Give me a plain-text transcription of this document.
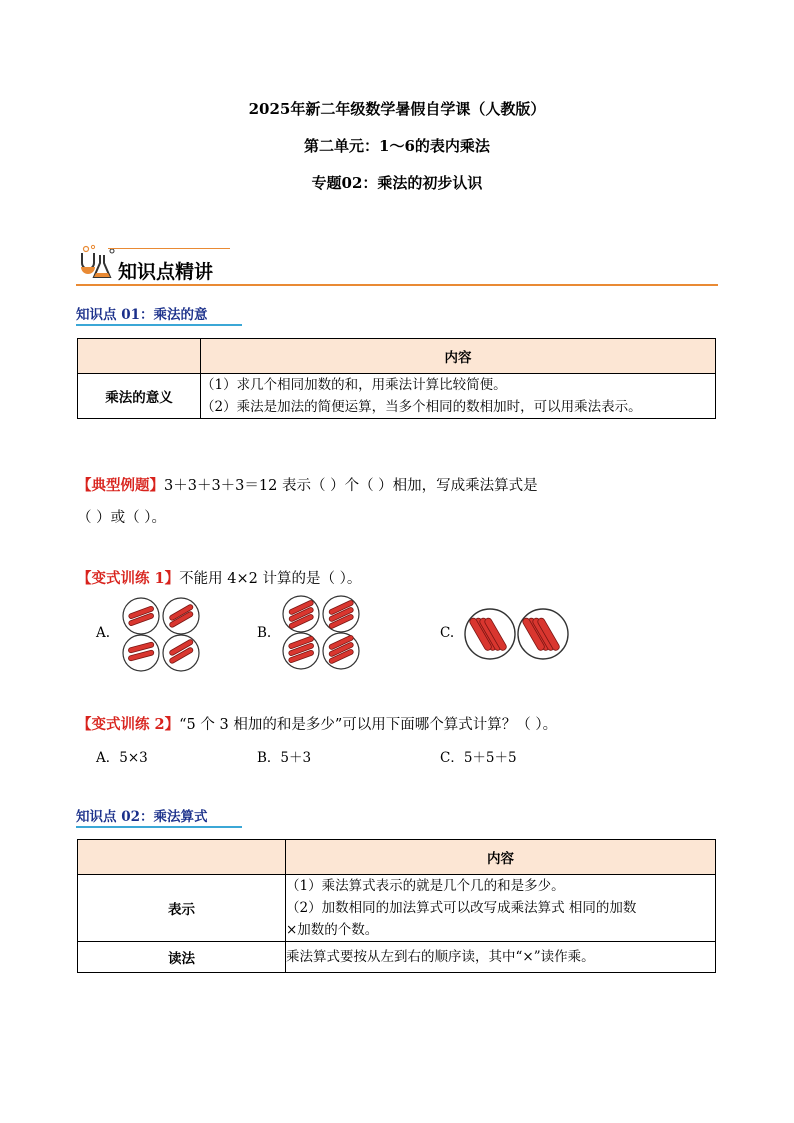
2025年新二年级数学暑假自学课（人教版）
第二单元：1～6的表内乘法
专题02：乘法的初步认识
知识点精讲
知识点 01：乘法的意
	内容
乘法的意义	（1）求几个相同加数的和，用乘法计算比较简便。
（2）乘法是加法的简便运算，当多个相同的数相加时，可以用乘法表示。
【典型例题】3＋3＋3＋3＝12 表示（ ）个（ ）相加，写成乘法算式是
（ ）或（ ）。
【变式训练 1】不能用 4×2 计算的是（ ）。
A.	B.	C.
【变式训练 2】“5 个 3 相加的和是多少”可以用下面哪个算式计算？（ ）。
A．5×3	B．5＋3	C．5＋5＋5
知识点 02：乘法算式
	内容
表示	（1）乘法算式表示的就是几个几的和是多少。
（2）加数相同的加法算式可以改写成乘法算式 相同的加数
×加数的个数。

读法	乘法算式要按从左到右的顺序读，其中“×”读作乘。
